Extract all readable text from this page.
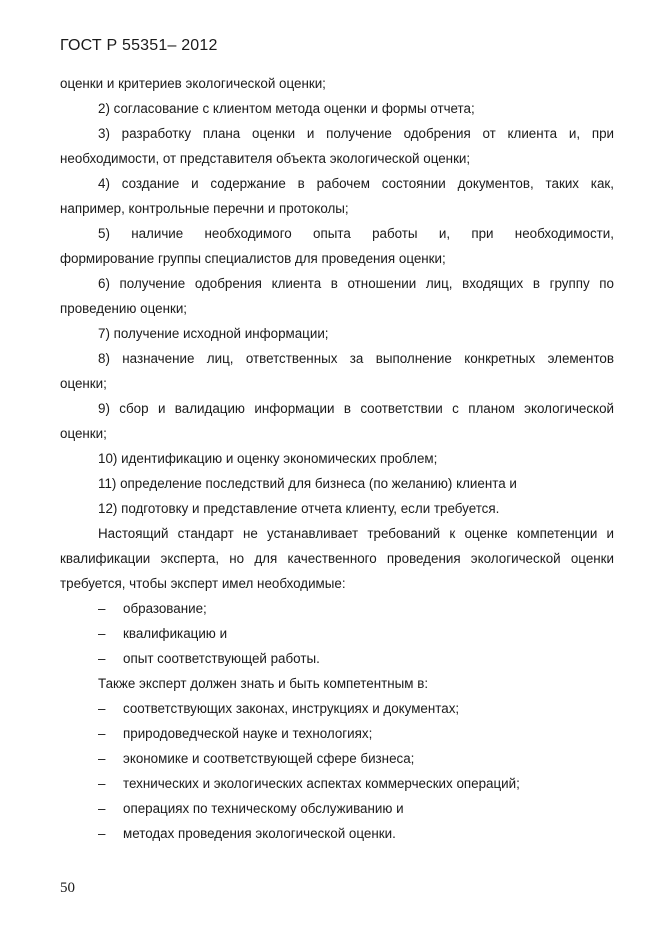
ГОСТ Р 55351– 2012
оценки и критериев экологической оценки;
2) согласование с клиентом метода оценки и формы отчета;
3) разработку плана оценки и получение одобрения от клиента и, при
необходимости, от представителя объекта экологической оценки;
4) создание и содержание в рабочем состоянии документов, таких как,
например, контрольные перечни и протоколы;
5) наличие необходимого опыта работы и, при необходимости,
формирование группы специалистов для проведения оценки;
6) получение одобрения клиента в отношении лиц, входящих в группу по
проведению оценки;
7) получение исходной информации;
8) назначение лиц, ответственных за выполнение конкретных элементов
оценки;
9) сбор и валидацию информации в соответствии с планом экологической
оценки;
10) идентификацию и оценку экономических проблем;
11) определение последствий для бизнеса (по желанию) клиента и
12) подготовку и представление отчета клиенту, если требуется.
Настоящий стандарт не устанавливает требований к оценке компетенции и
квалификации эксперта, но для качественного проведения экологической оценки
требуется, чтобы эксперт имел необходимые:
– образование;
– квалификацию и
– опыт соответствующей работы.
Также эксперт должен знать и быть компетентным в:
– соответствующих законах, инструкциях и документах;
– природоведческой науке и технологиях;
– экономике и соответствующей сфере бизнеса;
– технических и экологических аспектах коммерческих операций;
– операциях по техническому обслуживанию и
– методах проведения экологической оценки.
50
